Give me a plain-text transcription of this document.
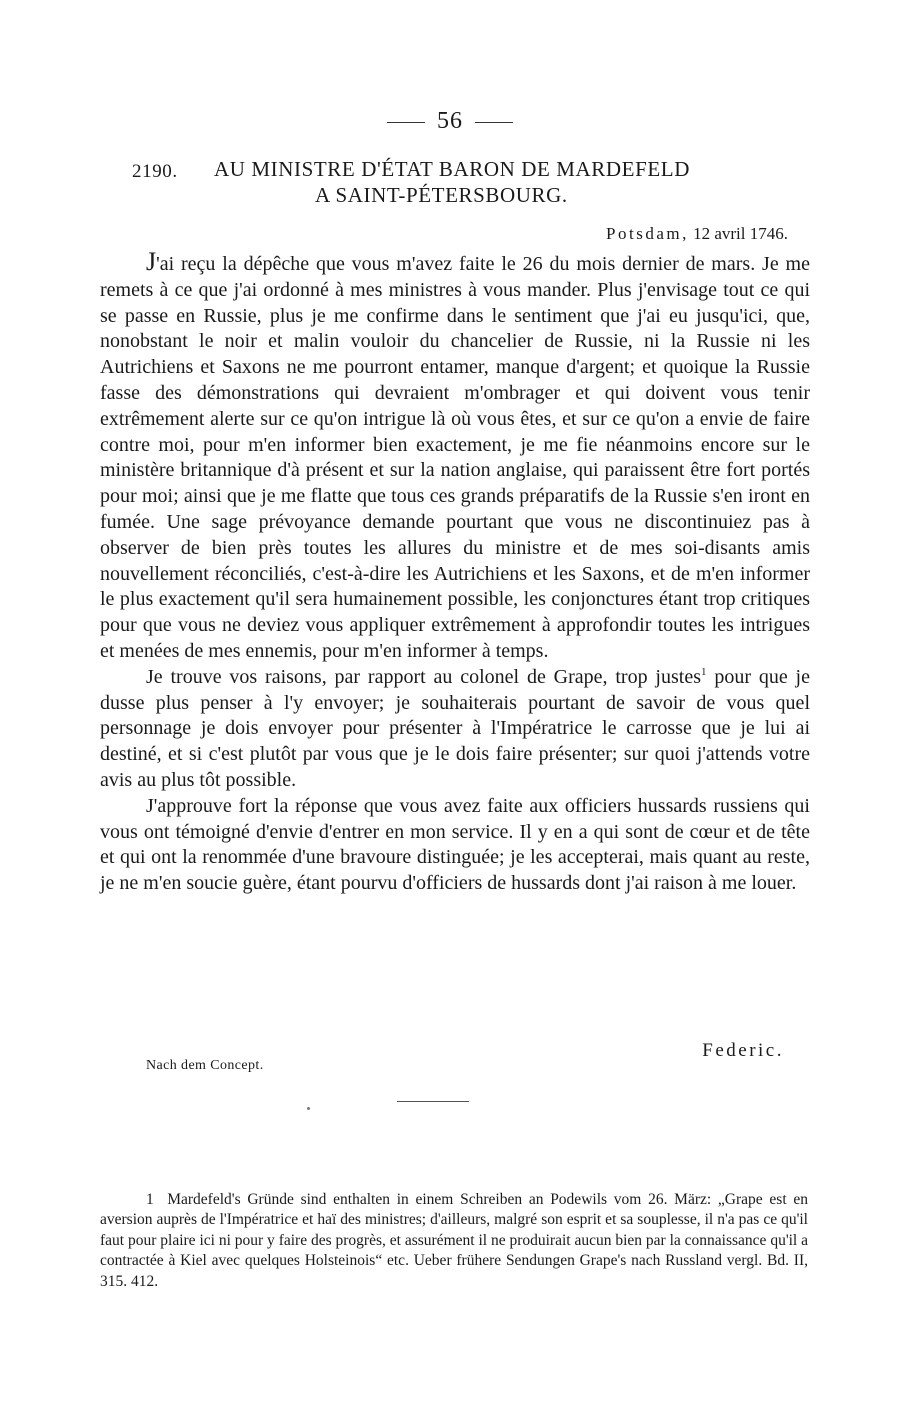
56
2190. AU MINISTRE D'ÉTAT BARON DE MARDEFELD
A SAINT-PÉTERSBOURG.
Potsdam, 12 avril 1746.

J'ai reçu la dépêche que vous m'avez faite le 26 du mois dernier de mars. Je me remets à ce que j'ai ordonné à mes ministres à vous mander. Plus j'envisage tout ce qui se passe en Russie, plus je me confirme dans le sentiment que j'ai eu jusqu'ici, que, nonobstant le noir et malin vouloir du chancelier de Russie, ni la Russie ni les Autrichiens et Saxons ne me pourront entamer, manque d'argent; et quoique la Russie fasse des démonstrations qui devraient m'ombrager et qui doivent vous tenir extrêmement alerte sur ce qu'on intrigue là où vous êtes, et sur ce qu'on a envie de faire contre moi, pour m'en informer bien exactement, je me fie néanmoins encore sur le ministère britannique d'à présent et sur la nation anglaise, qui paraissent être fort portés pour moi; ainsi que je me flatte que tous ces grands préparatifs de la Russie s'en iront en fumée. Une sage prévoyance demande pourtant que vous ne discontinuiez pas à observer de bien près toutes les allures du ministre et de mes soi-disants amis nouvellement réconciliés, c'est-à-dire les Autrichiens et les Saxons, et de m'en informer le plus exactement qu'il sera humainement possible, les conjonctures étant trop critiques pour que vous ne deviez vous appliquer extrêmement à approfondir toutes les intrigues et menées de mes ennemis, pour m'en informer à temps.

Je trouve vos raisons, par rapport au colonel de Grape, trop justes$^1$ pour que je dusse plus penser à l'y envoyer; je souhaiterais pourtant de savoir de vous quel personnage je dois envoyer pour présenter à l'Impératrice le carrosse que je lui ai destiné, et si c'est plutôt par vous que je le dois faire présenter; sur quoi j'attends votre avis au plus tôt possible.

J'approuve fort la réponse que vous avez faite aux officiers hussards russiens qui vous ont témoigné d'envie d'entrer en mon service. Il y en a qui sont de cœur et de tête et qui ont la renommée d'une bravoure distinguée; je les accepterai, mais quant au reste, je ne m'en soucie guère, étant pourvu d'officiers de hussards dont j'ai raison à me louer.

Federic.
Nach dem Concept.

1 Mardefeld's Gründe sind enthalten in einem Schreiben an Podewils vom 26. März: „Grape est en aversion auprès de l'Impératrice et haï des ministres; d'ailleurs, malgré son esprit et sa souplesse, il n'a pas ce qu'il faut pour plaire ici ni pour y faire des progrès, et assurément il ne produirait aucun bien par la connaissance qu'il a contractée à Kiel avec quelques Holsteinois“ etc. Ueber frühere Sendungen Grape's nach Russland vergl. Bd. II, 315. 412.
